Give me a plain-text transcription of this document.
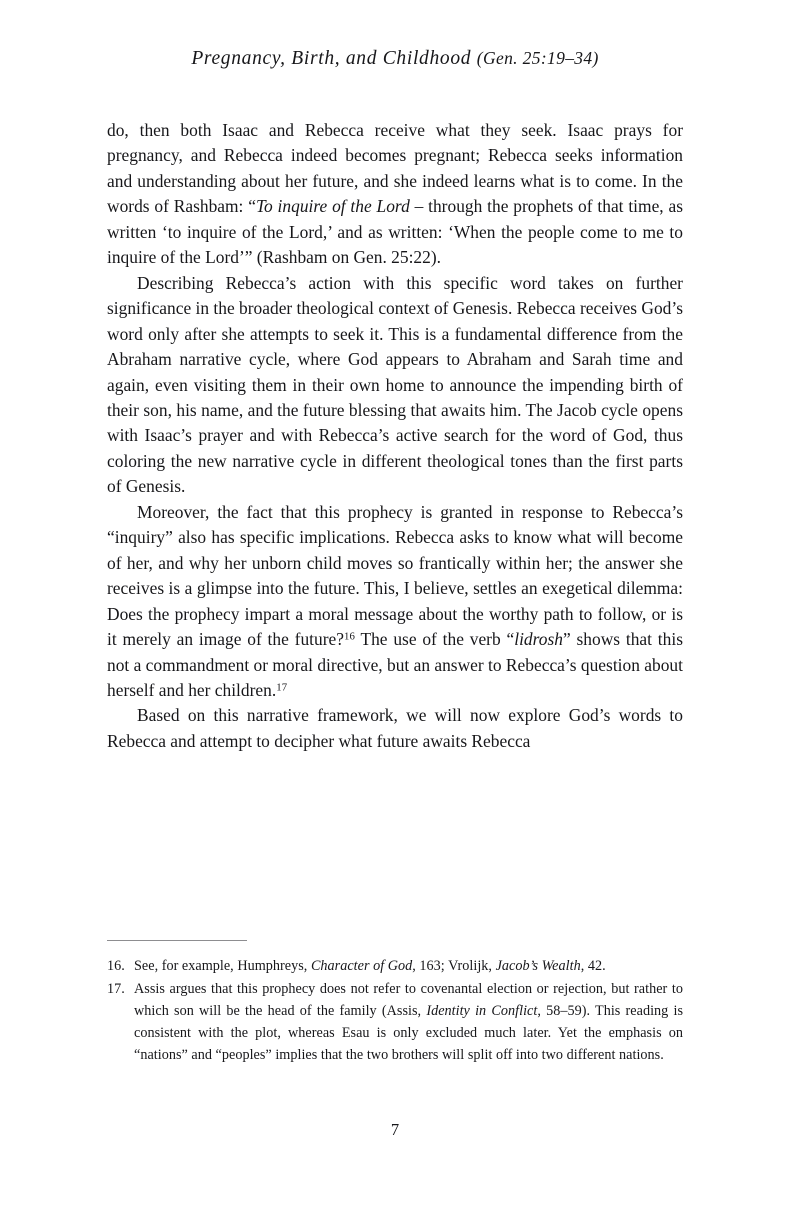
Pregnancy, Birth, and Childhood (Gen. 25:19–34)

do, then both Isaac and Rebecca receive what they seek. Isaac prays for pregnancy, and Rebecca indeed becomes pregnant; Rebecca seeks information and understanding about her future, and she indeed learns what is to come. In the words of Rashbam: “To inquire of the Lord – through the prophets of that time, as written ‘to inquire of the Lord,’ and as written: ‘When the people come to me to inquire of the Lord’” (Rashbam on Gen. 25:22).

Describing Rebecca’s action with this specific word takes on further significance in the broader theological context of Genesis. Rebecca receives God’s word only after she attempts to seek it. This is a fundamental difference from the Abraham narrative cycle, where God appears to Abraham and Sarah time and again, even visiting them in their own home to announce the impending birth of their son, his name, and the future blessing that awaits him. The Jacob cycle opens with Isaac’s prayer and with Rebecca’s active search for the word of God, thus coloring the new narrative cycle in different theological tones than the first parts of Genesis.

Moreover, the fact that this prophecy is granted in response to Rebecca’s “inquiry” also has specific implications. Rebecca asks to know what will become of her, and why her unborn child moves so frantically within her; the answer she receives is a glimpse into the future. This, I believe, settles an exegetical dilemma: Does the prophecy impart a moral message about the worthy path to follow, or is it merely an image of the future?$^{16}$ The use of the verb “lidrosh” shows that this not a commandment or moral directive, but an answer to Rebecca’s question about herself and her children.$^{17}$

Based on this narrative framework, we will now explore God’s words to Rebecca and attempt to decipher what future awaits Rebecca

16. See, for example, Humphreys, Character of God, 163; Vrolijk, Jacob’s Wealth, 42.
17. Assis argues that this prophecy does not refer to covenantal election or rejection, but rather to which son will be the head of the family (Assis, Identity in Conflict, 58–59). This reading is consistent with the plot, whereas Esau is only excluded much later. Yet the emphasis on “nations” and “peoples” implies that the two brothers will split off into two different nations.
7
